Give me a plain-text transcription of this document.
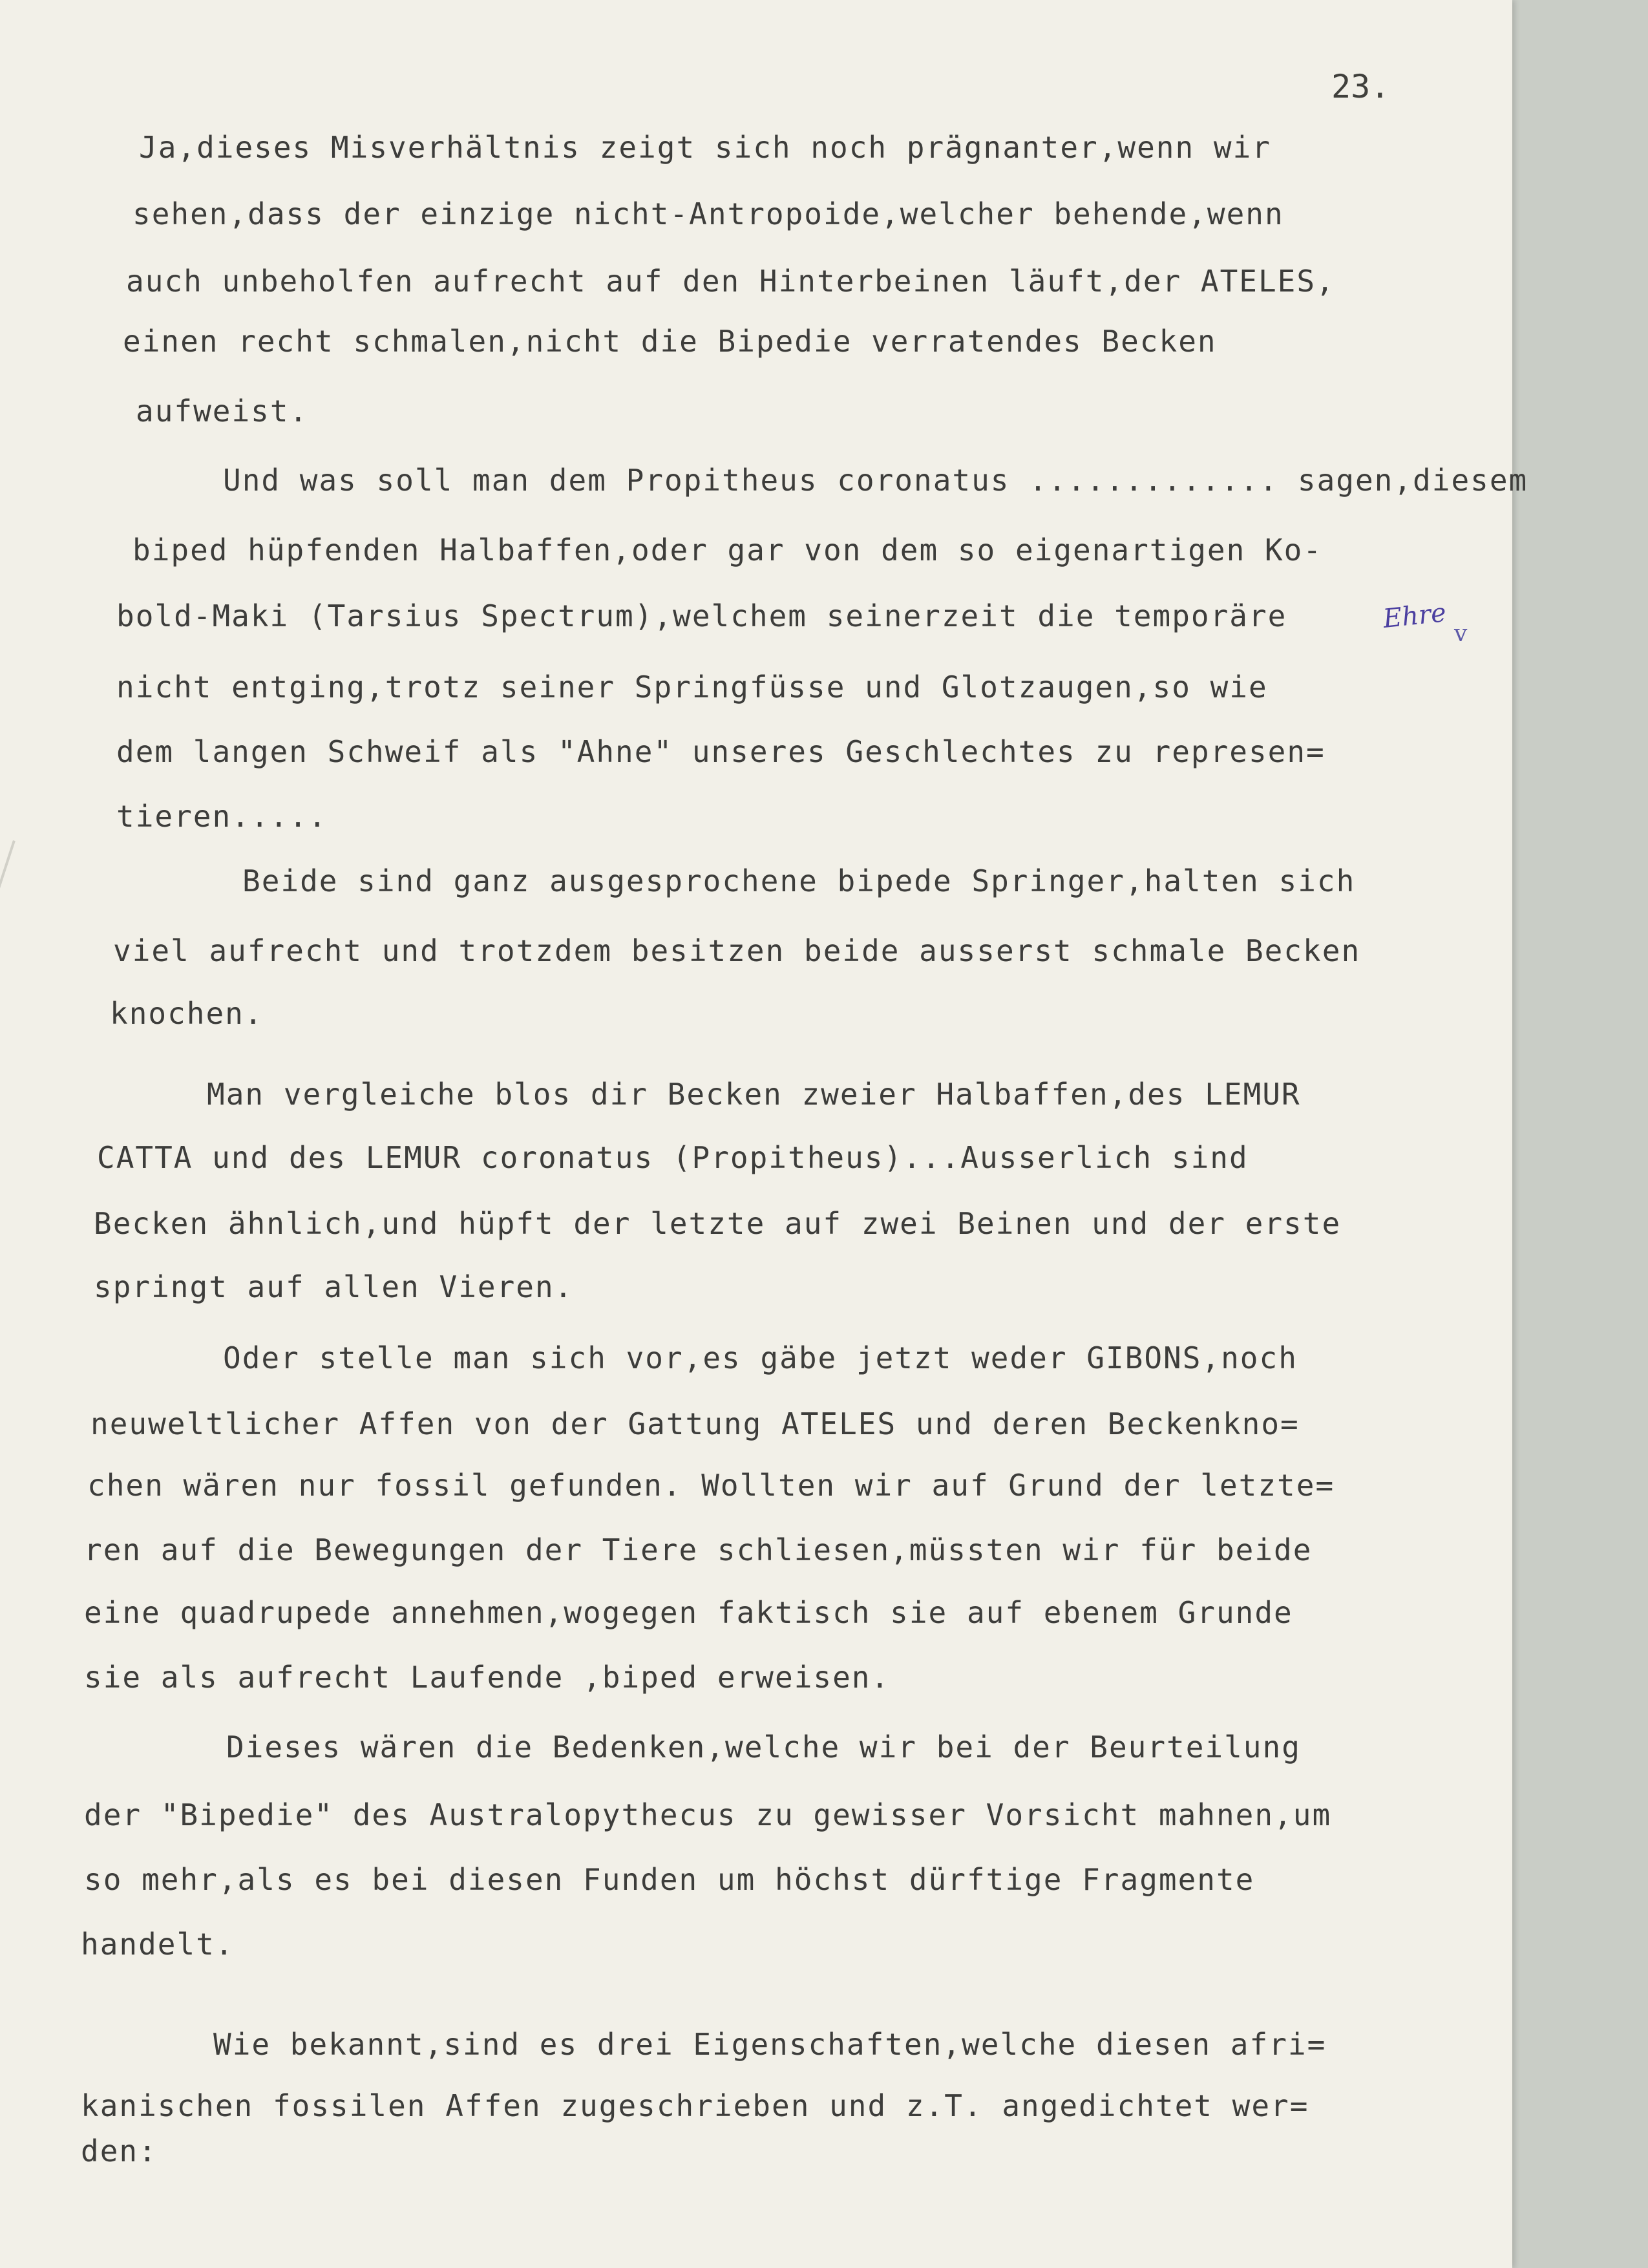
23.
Ja,dieses Misverhältnis zeigt sich noch prägnanter,wenn wir
sehen,dass der einzige nicht-Antropoide,welcher behende,wenn
auch unbeholfen aufrecht auf den Hinterbeinen läuft,der ATELES,
einen recht schmalen,nicht die Bipedie verratendes Becken
aufweist.
Und was soll man dem Propitheus coronatus ............. sagen,diesem
biped hüpfenden Halbaffen,oder gar von dem so eigenartigen Ko-
bold-Maki (Tarsius Spectrum),welchem seinerzeit die temporäre
nicht entging,trotz seiner Springfüsse und Glotzaugen,so wie
dem langen Schweif als "Ahne" unseres Geschlechtes zu represen=
tieren.....
Beide sind ganz ausgesprochene bipede Springer,halten sich
viel aufrecht und trotzdem besitzen beide ausserst schmale Becken
knochen.
Man vergleiche blos dir Becken zweier Halbaffen,des LEMUR
CATTA und des LEMUR coronatus (Propitheus)...Ausserlich sind
Becken ähnlich,und hüpft der letzte auf zwei Beinen und der erste
springt auf allen Vieren.
Oder stelle man sich vor,es gäbe jetzt weder GIBONS,noch
neuweltlicher Affen von der Gattung ATELES und deren Beckenkno=
chen wären nur fossil gefunden. Wollten wir auf Grund der letzte=
ren auf die Bewegungen der Tiere schliesen,müssten wir für beide
eine quadrupede annehmen,wogegen faktisch sie auf ebenem Grunde
sie als aufrecht Laufende ,biped erweisen.
Dieses wären die Bedenken,welche wir bei der Beurteilung
der "Bipedie" des Australopythecus zu gewisser Vorsicht mahnen,um
so mehr,als es bei diesen Funden um höchst dürftige Fragmente
handelt.
Wie bekannt,sind es drei Eigenschaften,welche diesen afri=
kanischen fossilen Affen zugeschrieben und z.T. angedichtet wer=
den:
Ehre v
